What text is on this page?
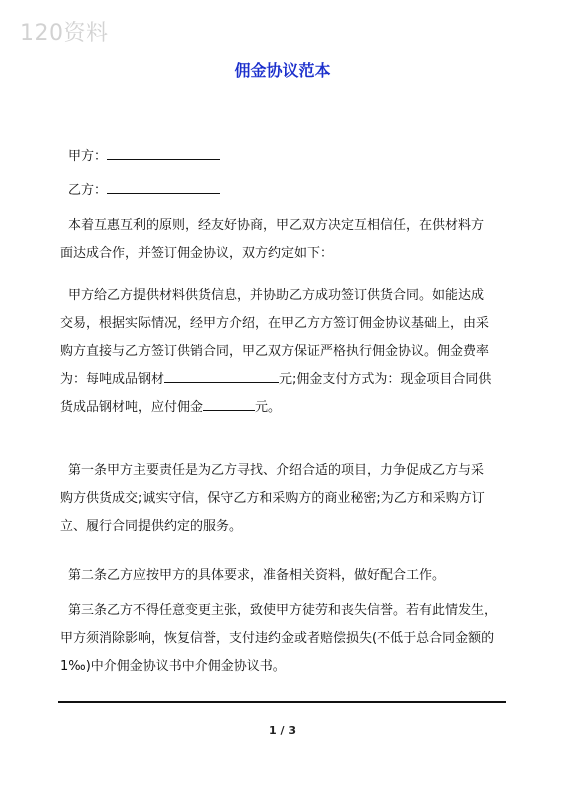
120资料
佣金协议范本
甲方：
乙方：
本着互惠互利的原则，经友好协商，甲乙双方决定互相信任，在供材料方
面达成合作，并签订佣金协议，双方约定如下：
甲方给乙方提供材料供货信息，并协助乙方成功签订供货合同。如能达成
交易，根据实际情况，经甲方介绍，在甲乙方方签订佣金协议基础上，由采
购方直接与乙方签订供销合同，甲乙双方保证严格执行佣金协议。佣金费率
为：每吨成品钢材	元;佣金支付方式为：现金项目合同供
货成品钢材吨，应付佣金	元。
第一条甲方主要责任是为乙方寻找、介绍合适的项目，力争促成乙方与采
购方供货成交;诚实守信，保守乙方和采购方的商业秘密;为乙方和采购方订
立、履行合同提供约定的服务。
第二条乙方应按甲方的具体要求，准备相关资料，做好配合工作。
第三条乙方不得任意变更主张，致使甲方徒劳和丧失信誉。若有此情发生，
甲方须消除影响，恢复信誉，支付违约金或者赔偿损失(不低于总合同金额的
1‰)中介佣金协议书中介佣金协议书。
1 / 3
